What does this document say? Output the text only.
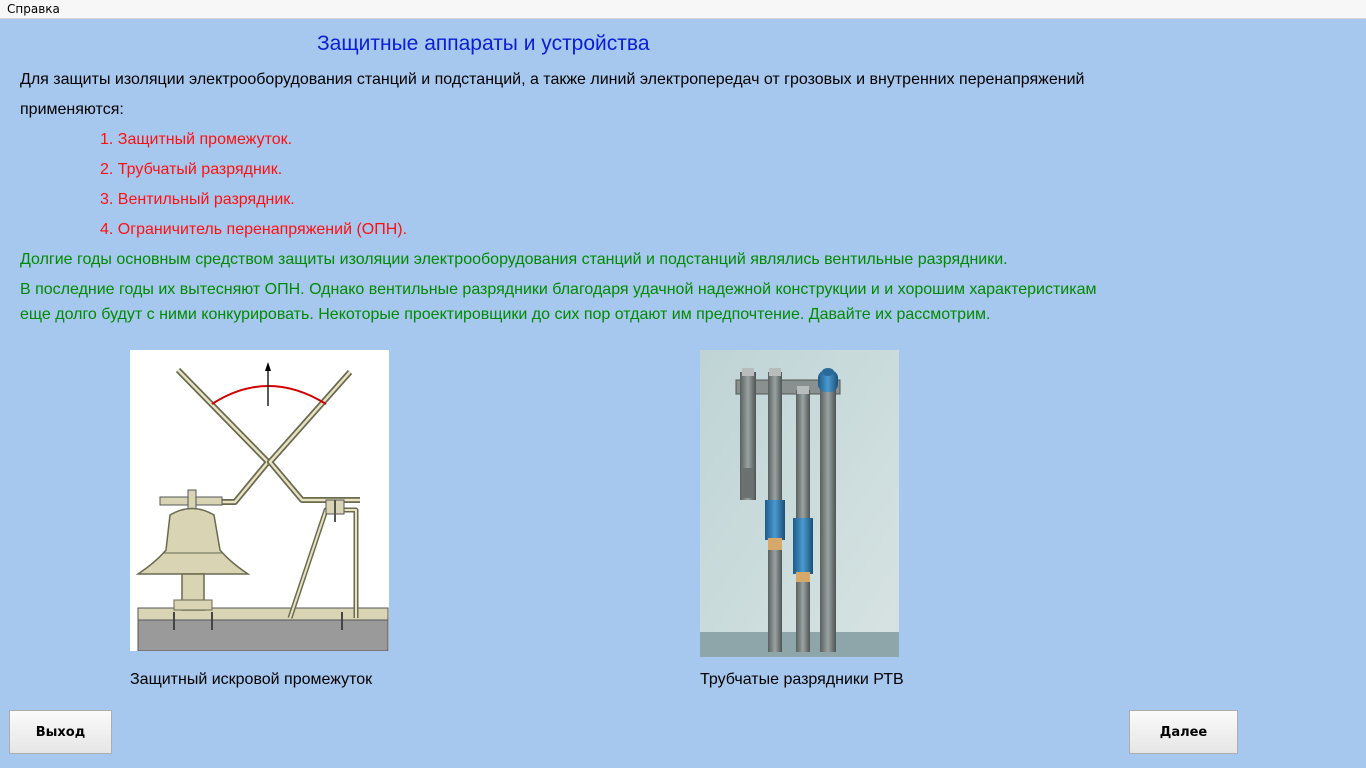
Справка
Защитные аппараты и устройства
Для защиты изоляции электрооборудования станций и подстанций, а также линий электропередач от грозовых и внутренних перенапряжений
применяются:
1. Защитный промежуток.
2. Трубчатый разрядник.
3. Вентильный разрядник.
4. Ограничитель перенапряжений (ОПН).
Долгие годы основным средством защиты изоляции электрооборудования станций и подстанций являлись вентильные разрядники.
В последние годы их вытесняют ОПН. Однако вентильные разрядники благодаря удачной надежной конструкции и и хорошим характеристикам
еще долго будут с ними конкурировать. Некоторые проектировщики до сих пор отдают им предпочтение. Давайте их рассмотрим.
Защитный искровой промежуток	Трубчатые разрядники РТВ
Выход	Далее
